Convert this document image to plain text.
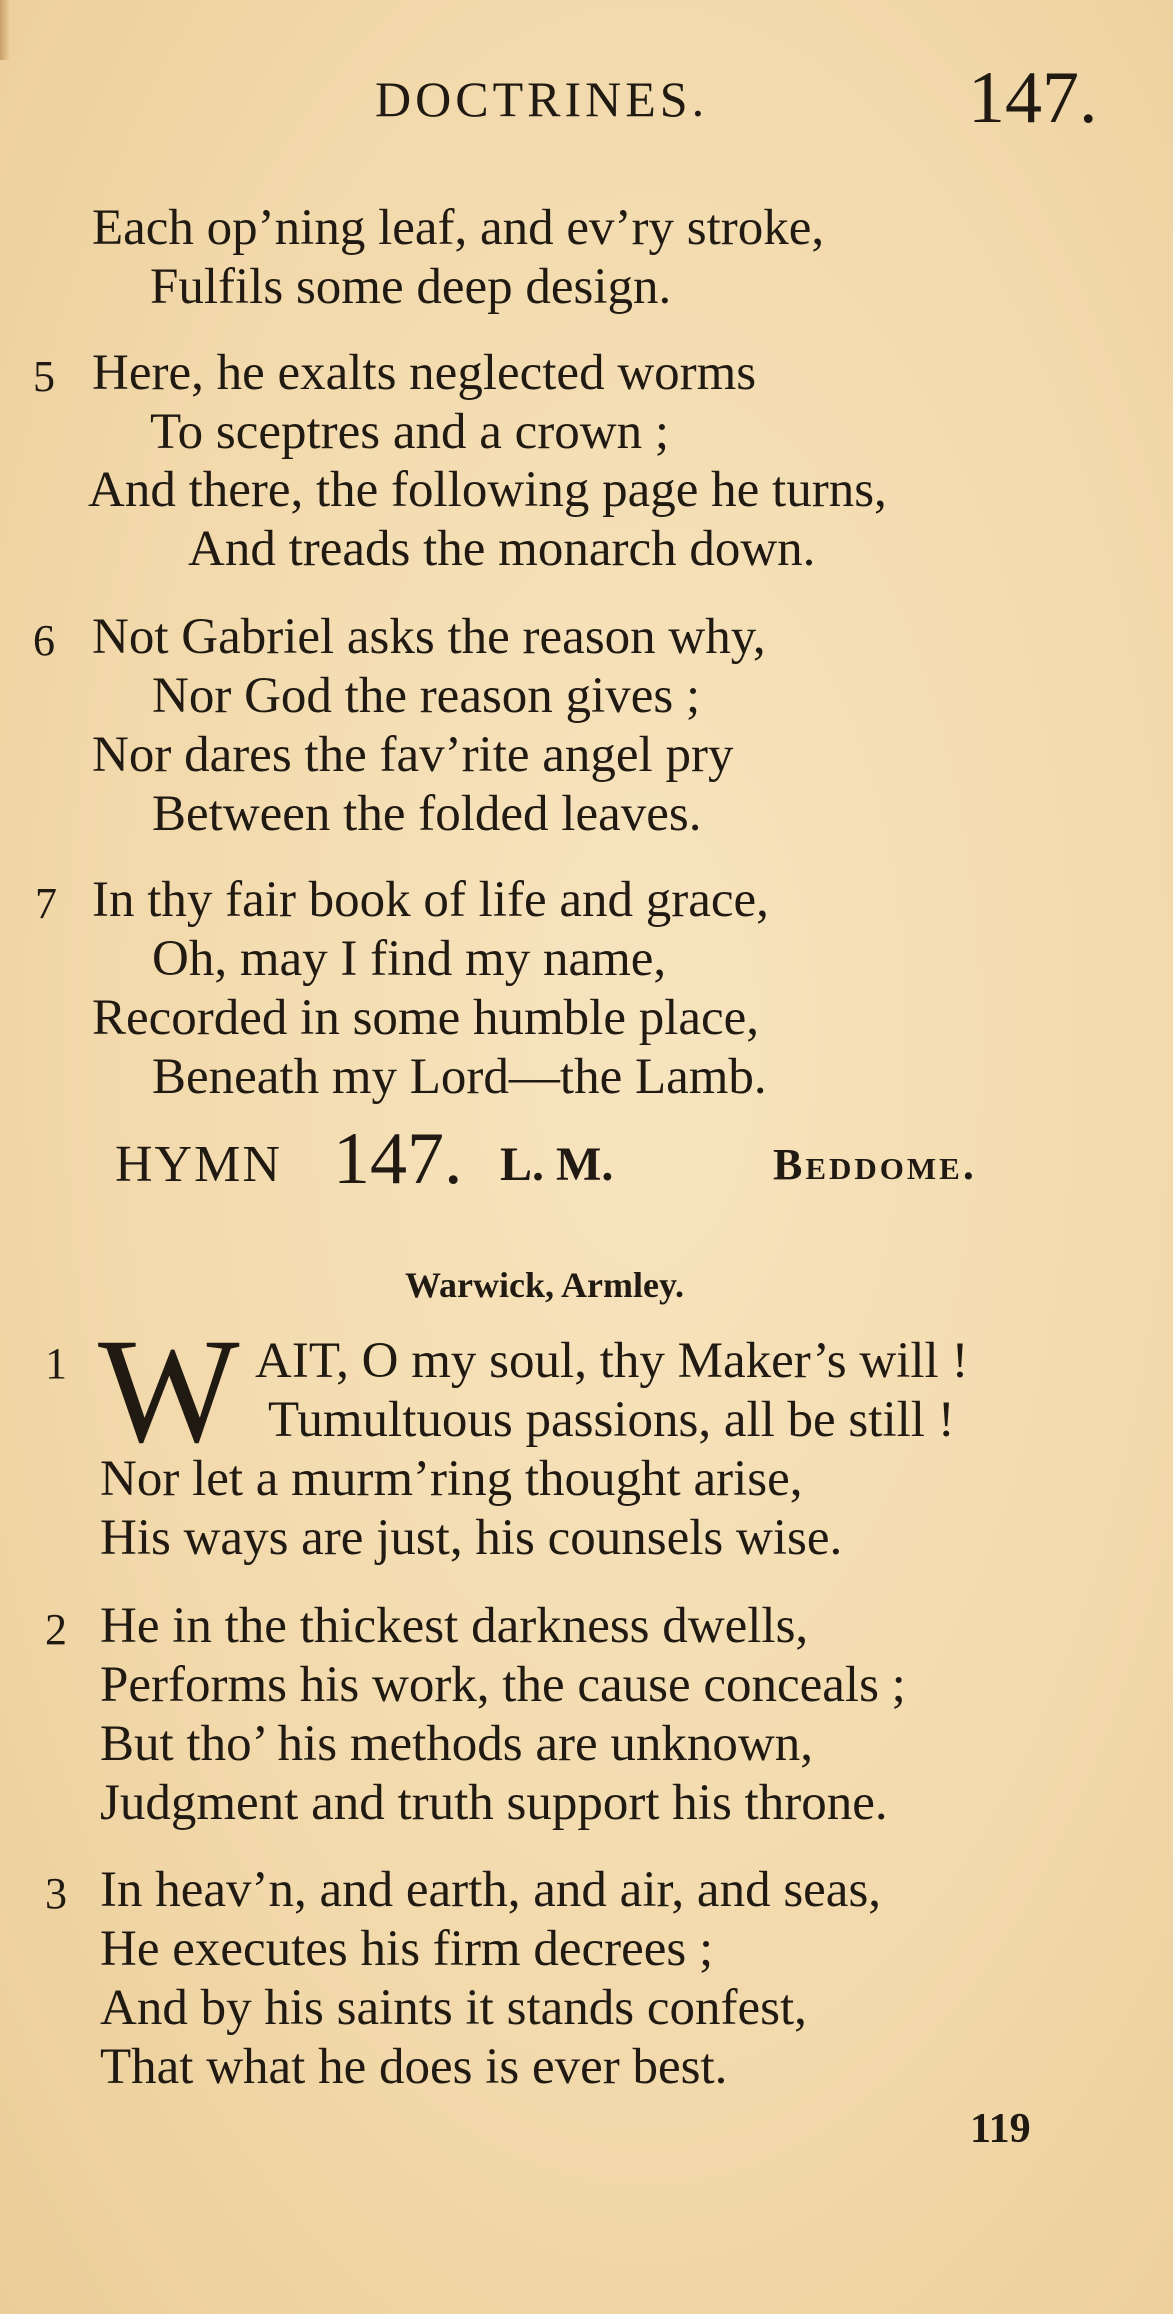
DOCTRINES.	147.
Each op’ning leaf, and ev’ry stroke,
Fulfils some deep design.
5 Here, he exalts neglected worms
To sceptres and a crown ;
And there, the following page he turns,
And treads the monarch down.
6 Not Gabriel asks the reason why,
Nor God the reason gives ;
Nor dares the fav’rite angel pry
Between the folded leaves.
7 In thy fair book of life and grace,
Oh, may I find my name,
Recorded in some humble place,
Beneath my Lord—the Lamb.
HYMN 147. L. M.	Beddome.
Warwick, Armley.
1 W AIT, O my soul, thy Maker’s will !
Tumultuous passions, all be still !
Nor let a murm’ring thought arise,
His ways are just, his counsels wise.
2 He in the thickest darkness dwells,
Performs his work, the cause conceals ;
But tho’ his methods are unknown,
Judgment and truth support his throne.
3 In heav’n, and earth, and air, and seas,
He executes his firm decrees ;
And by his saints it stands confest,
That what he does is ever best.
119
